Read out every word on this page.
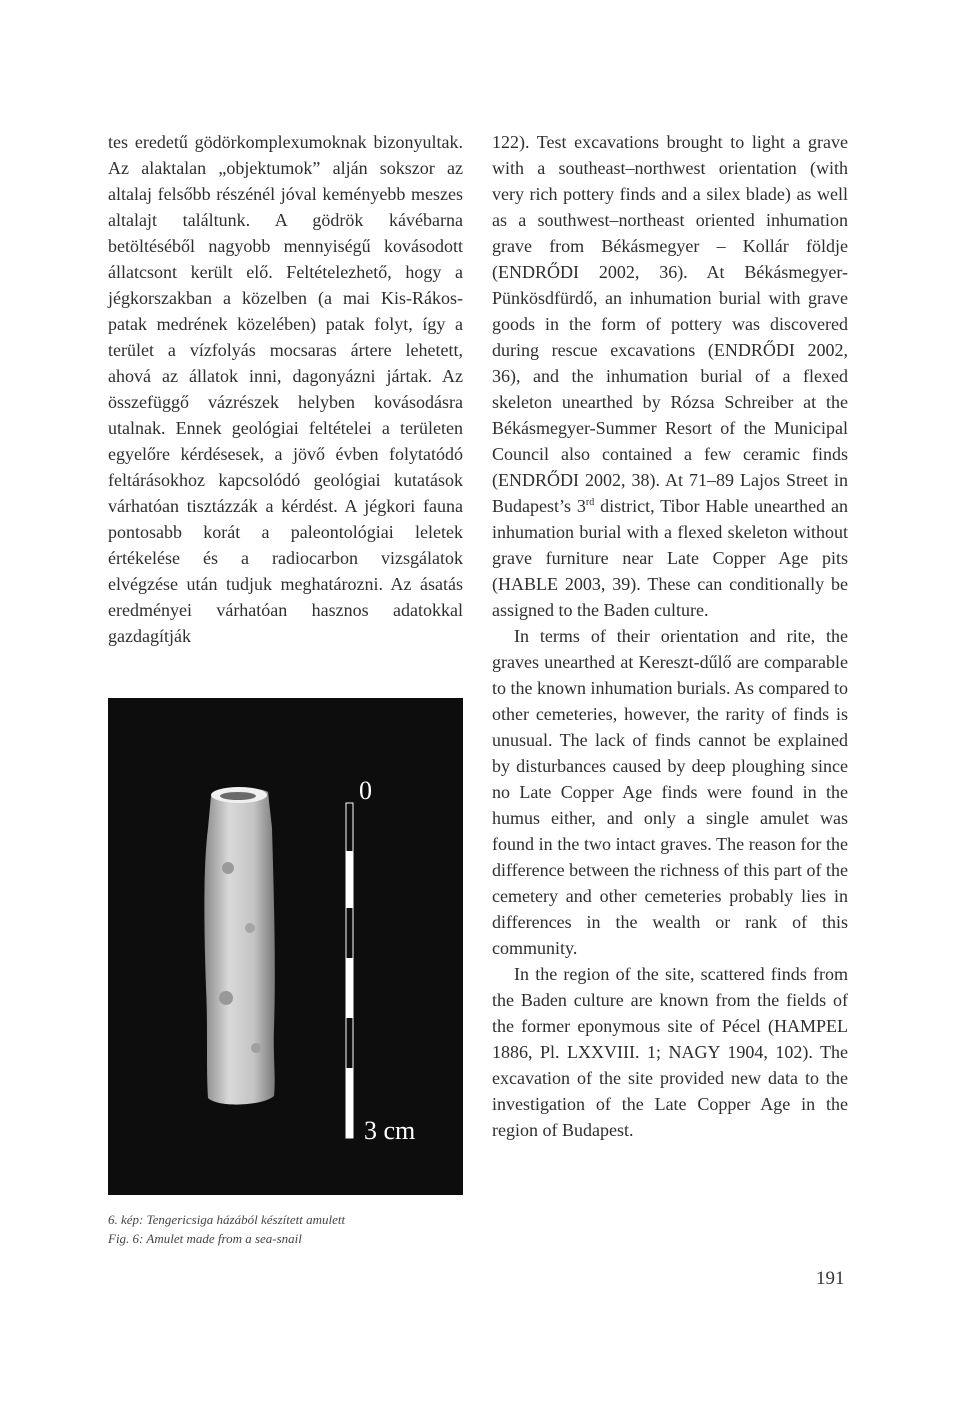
tes eredetű gödörkomplexumoknak bizonyultak. Az alaktalan „objektumok” alján sokszor az altalaj felsőbb részénél jóval keményebb meszes altalajt találtunk. A gödrök kávébarna betöltéséből nagyobb mennyiségű kovásodott állatcsont került elő. Feltételezhető, hogy a jégkorszakban a közelben (a mai Kis-Rákos-patak medrének közelében) patak folyt, így a terület a vízfolyás mocsaras ártere lehetett, ahová az állatok inni, dagonyázni jártak. Az összefüggő vázrészek helyben kovásodásra utalnak. Ennek geológiai feltételei a területen egyelőre kérdésesek, a jövő évben folytatódó feltárásokhoz kapcsolódó geológiai kutatások várhatóan tisztázzák a kérdést. A jégkori fauna pontosabb korát a paleontológiai leletek értékelése és a radiocarbon vizsgálatok elvégzése után tudjuk meghatározni. Az ásatás eredményei várhatóan hasznos adatokkal gazdagítják

0
3 cm
6. kép: Tengericsiga házából készített amulett
Fig. 6: Amulet made from a sea-snail

122). Test excavations brought to light a grave with a southeast–northwest orientation (with very rich pottery finds and a silex blade) as well as a southwest–northeast oriented inhumation grave from Békásmegyer – Kollár földje (ENDRŐDI 2002, 36). At Békásmegyer-Pünkösdfürdő, an inhumation burial with grave goods in the form of pottery was discovered during rescue excavations (ENDRŐDI 2002, 36), and the inhumation burial of a flexed skeleton unearthed by Rózsa Schreiber at the Békásmegyer-Summer Resort of the Municipal Council also contained a few ceramic finds (ENDRŐDI 2002, 38). At 71–89 Lajos Street in Budapest’s 3rd district, Tibor Hable unearthed an inhumation burial with a flexed skeleton without grave furniture near Late Copper Age pits (HABLE 2003, 39). These can conditionally be assigned to the Baden culture.

In terms of their orientation and rite, the graves unearthed at Kereszt-dűlő are comparable to the known inhumation burials. As compared to other cemeteries, however, the rarity of finds is unusual. The lack of finds cannot be explained by disturbances caused by deep ploughing since no Late Copper Age finds were found in the humus either, and only a single amulet was found in the two intact graves. The reason for the difference between the richness of this part of the cemetery and other cemeteries probably lies in differences in the wealth or rank of this community.

In the region of the site, scattered finds from the Baden culture are known from the fields of the former eponymous site of Pécel (HAMPEL 1886, Pl. LXXVIII. 1; NAGY 1904, 102). The excavation of the site provided new data to the investigation of the Late Copper Age in the region of Budapest.

191
